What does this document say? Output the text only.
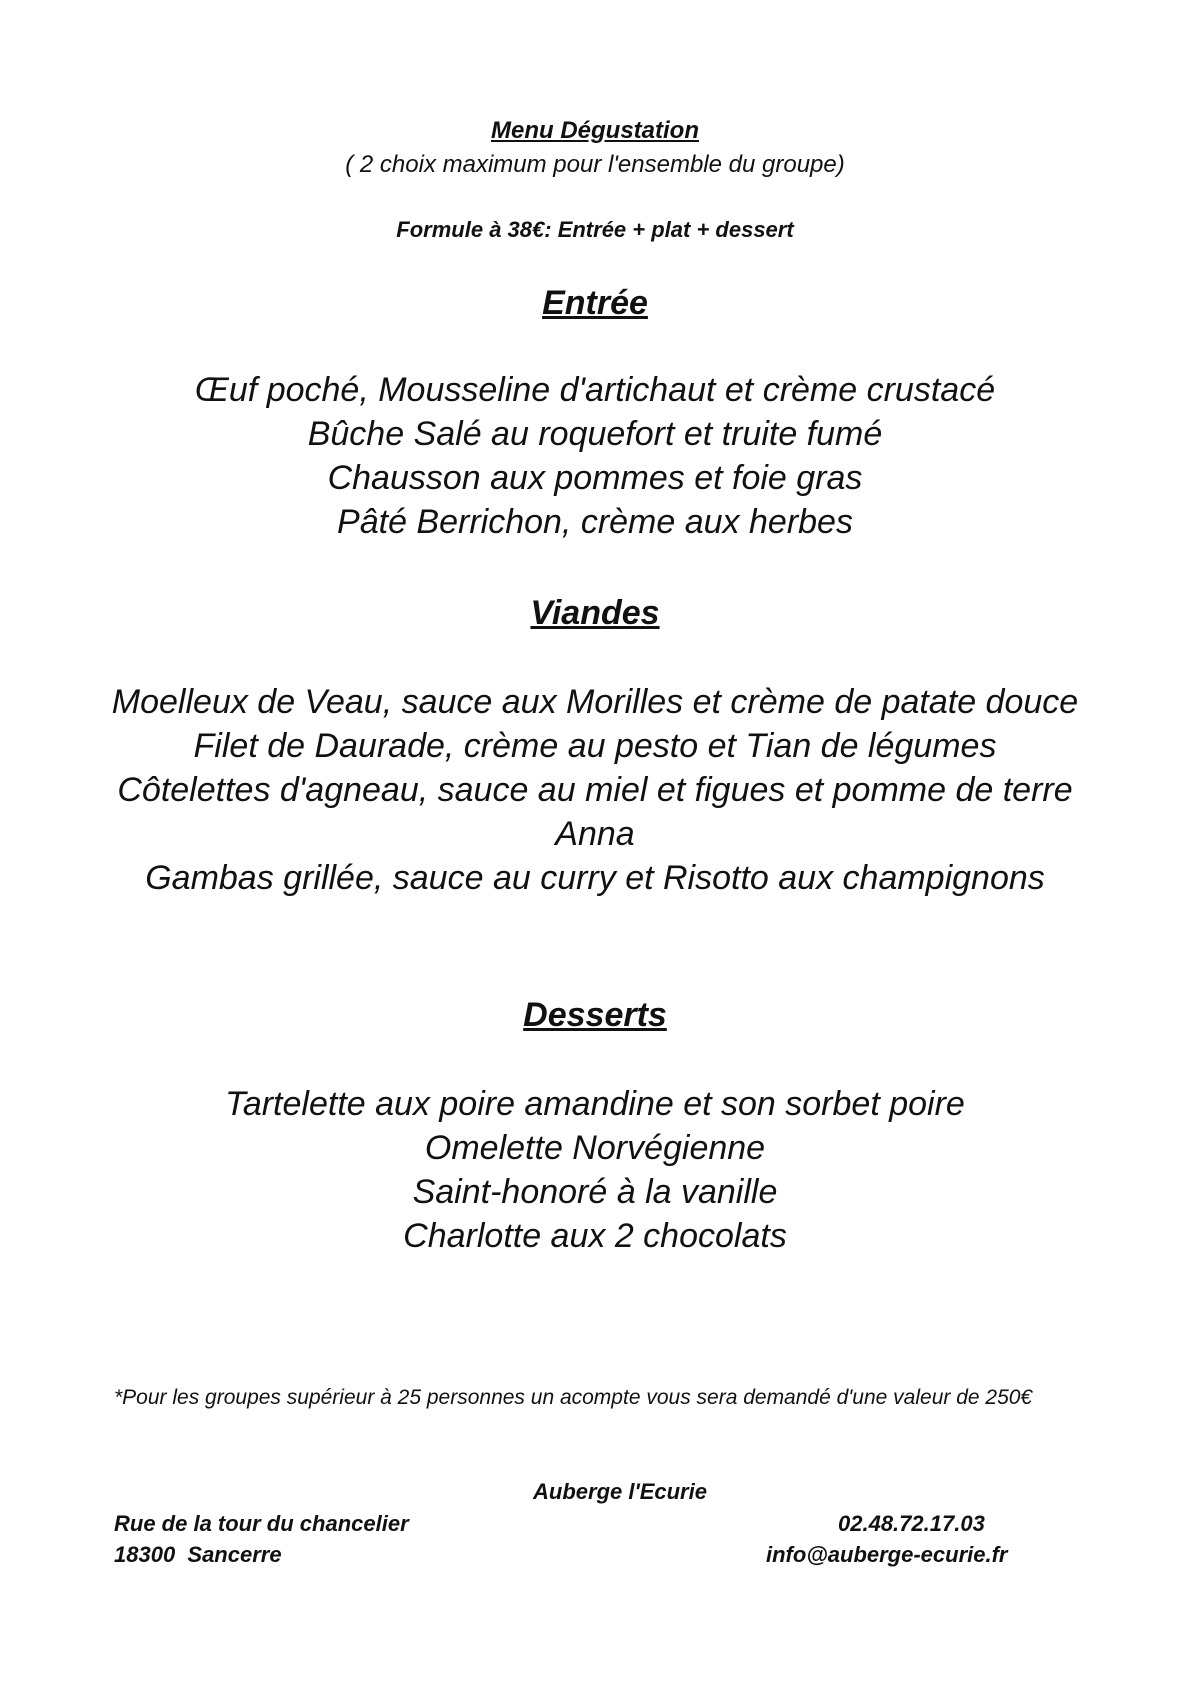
Menu Dégustation
( 2 choix maximum pour l'ensemble du groupe)
Formule à 38€: Entrée + plat + dessert
Entrée
Œuf poché, Mousseline d'artichaut et crème crustacé
Bûche Salé au roquefort et truite fumé
Chausson aux pommes et foie gras
Pâté Berrichon, crème aux herbes
Viandes
Moelleux de Veau, sauce aux Morilles et crème de patate douce
Filet de Daurade, crème au pesto et Tian de légumes
Côtelettes d'agneau, sauce au miel et figues et pomme de terre Anna
Gambas grillée, sauce au curry et Risotto aux champignons
Desserts
Tartelette aux poire amandine et son sorbet poire
Omelette Norvégienne
Saint-honoré à la vanille
Charlotte aux 2 chocolats
*Pour les groupes supérieur à 25 personnes un acompte vous sera demandé d'une valeur de 250€
Auberge l'Ecurie
Rue de la tour du chancelier
18300  Sancerre
02.48.72.17.03
info@auberge-ecurie.fr
